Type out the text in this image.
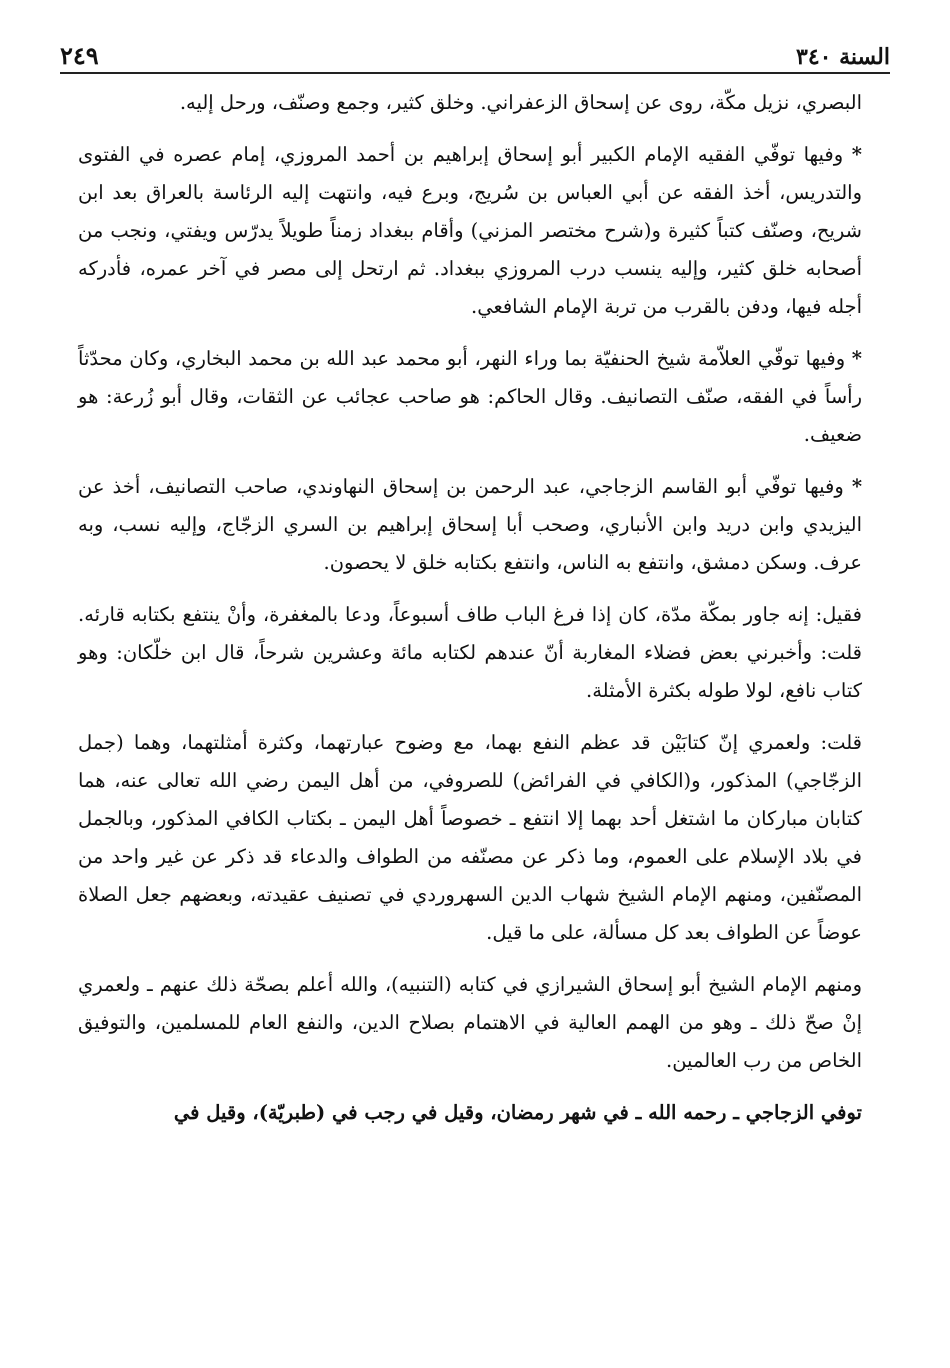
السنة ٣٤٠
٢٤٩

البصري، نزيل مكّة، روى عن إسحاق الزعفراني. وخلق كثير، وجمع وصنّف، ورحل إليه.

* وفيها توفّي الفقيه الإمام الكبير أبو إسحاق إبراهيم بن أحمد المروزي، إمام عصره في الفتوى والتدريس، أخذ الفقه عن أبي العباس بن سُريج، وبرع فيه، وانتهت إليه الرئاسة بالعراق بعد ابن شريح، وصنّف كتباً كثيرة و(شرح مختصر المزني) وأقام ببغداد زمناً طويلاً يدرّس ويفتي، ونجب من أصحابه خلق كثير، وإليه ينسب درب المروزي ببغداد. ثم ارتحل إلى مصر في آخر عمره، فأدركه أجله فيها، ودفن بالقرب من تربة الإمام الشافعي.

* وفيها توفّي العلاّمة شيخ الحنفيّة بما وراء النهر، أبو محمد عبد الله بن محمد البخاري، وكان محدّثاً رأساً في الفقه، صنّف التصانيف. وقال الحاكم: هو صاحب عجائب عن الثقات، وقال أبو زُرعة: هو ضعيف.

* وفيها توفّي أبو القاسم الزجاجي، عبد الرحمن بن إسحاق النهاوندي، صاحب التصانيف، أخذ عن اليزيدي وابن دريد وابن الأنباري، وصحب أبا إسحاق إبراهيم بن السري الزجّاج، وإليه نسب، وبه عرف. وسكن دمشق، وانتفع به الناس، وانتفع بكتابه خلق لا يحصون.

فقيل: إنه جاور بمكّة مدّة، كان إذا فرغ الباب طاف أسبوعاً، ودعا بالمغفرة، وأنْ ينتفع بكتابه قارئه. قلت: وأخبرني بعض فضلاء المغاربة أنّ عندهم لكتابه مائة وعشرين شرحاً، قال ابن خلّكان: وهو كتاب نافع، لولا طوله بكثرة الأمثلة.

قلت: ولعمري إنّ كتابَيْن قد عظم النفع بهما، مع وضوح عبارتهما، وكثرة أمثلتهما، وهما (جمل الزجّاجي) المذكور، و(الكافي في الفرائض) للصروفي، من أهل اليمن رضي الله تعالى عنه، هما كتابان مباركان ما اشتغل أحد بهما إلا انتفع ـ خصوصاً أهل اليمن ـ بكتاب الكافي المذكور، وبالجمل في بلاد الإسلام على العموم، وما ذكر عن مصنّفه من الطواف والدعاء قد ذكر عن غير واحد من المصنّفين، ومنهم الإمام الشيخ شهاب الدين السهروردي في تصنيف عقيدته، وبعضهم جعل الصلاة عوضاً عن الطواف بعد كل مسألة، على ما قيل.

ومنهم الإمام الشيخ أبو إسحاق الشيرازي في كتابه (التنبيه)، والله أعلم بصحّة ذلك عنهم ـ ولعمري إنْ صحّ ذلك ـ وهو من الهمم العالية في الاهتمام بصلاح الدين، والنفع العام للمسلمين، والتوفيق الخاص من رب العالمين.

توفي الزجاجي ـ رحمه الله ـ في شهر رمضان، وقيل في رجب في (طبريّة)، وقيل في
